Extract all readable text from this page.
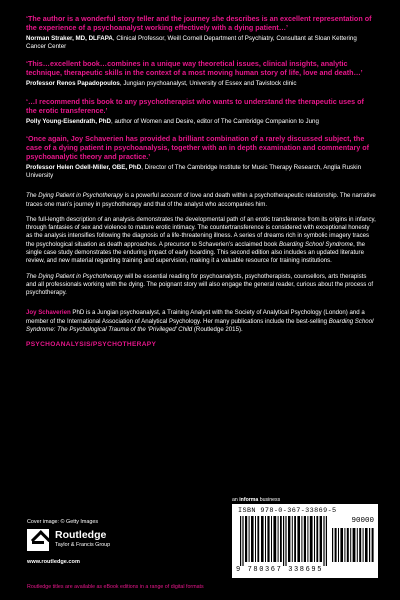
‘The author is a wonderful story teller and the journey she describes is an excellent representation of the experience of a psychoanalyst working effectively with a dying patient…’

Norman Straker, MD, DLFAPA, Clinical Professor, Weill Cornell Department of Psychiatry, Consultant at Sloan Kettering Cancer Center

‘This…excellent book…combines in a unique way theoretical issues, clinical insights, analytic technique, therapeutic skills in the context of a most moving human story of life, love and death…’

Professor Renos Papadopoulos, Jungian psychoanalyst, University of Essex and Tavistock clinic

‘…I recommend this book to any psychotherapist who wants to understand the therapeutic uses of the erotic transference.’

Polly Young-Eisendrath, PhD, author of Women and Desire, editor of The Cambridge Companion to Jung

‘Once again, Joy Schaverien has provided a brilliant combination of a rarely discussed subject, the case of a dying patient in psychoanalysis, together with an in depth examination and commentary of psychoanalytic theory and practice.’

Professor Helen Odell-Miller, OBE, PhD, Director of The Cambridge Institute for Music Therapy Research, Anglia Ruskin University

The Dying Patient in Psychotherapy is a powerful account of love and death within a psychotherapeutic relationship. The narrative traces one man’s journey in psychotherapy and that of the analyst who accompanies him.

The full-length description of an analysis demonstrates the developmental path of an erotic transference from its origins in infancy, through fantasies of sex and violence to mature erotic intimacy. The countertransference is considered with exceptional honesty as the analysis intensifies following the diagnosis of a life-threatening illness. A series of dreams rich in symbolic imagery traces the psychological situation as death approaches. A precursor to Schaverien’s acclaimed book Boarding School Syndrome, the single case study demonstrates the enduring impact of early boarding. This second edition also includes an updated literature review, and new material regarding training and supervision, making it a valuable resource for training institutions.

The Dying Patient in Psychotherapy will be essential reading for psychoanalysts, psychotherapists, counsellors, arts therapists and all professionals working with the dying. The poignant story will also engage the general reader, curious about the process of psychotherapy.

Joy Schaverien PhD is a Jungian psychoanalyst, a Training Analyst with the Society of Analytical Psychology (London) and a member of the International Association of Analytical Psychology. Her many publications include the best-selling Boarding School Syndrome: The Psychological Trauma of the ‘Privileged’ Child (Routledge 2015).

PSYCHOANALYSIS/PSYCHOTHERAPY

Cover image: © Getty Images
Routledge
Taylor & Francis Group
www.routledge.com
an informa business
ISBN 978-0-367-33869-5
90000
9 780367 338695
Routledge titles are available as eBook editions in a range of digital formats
